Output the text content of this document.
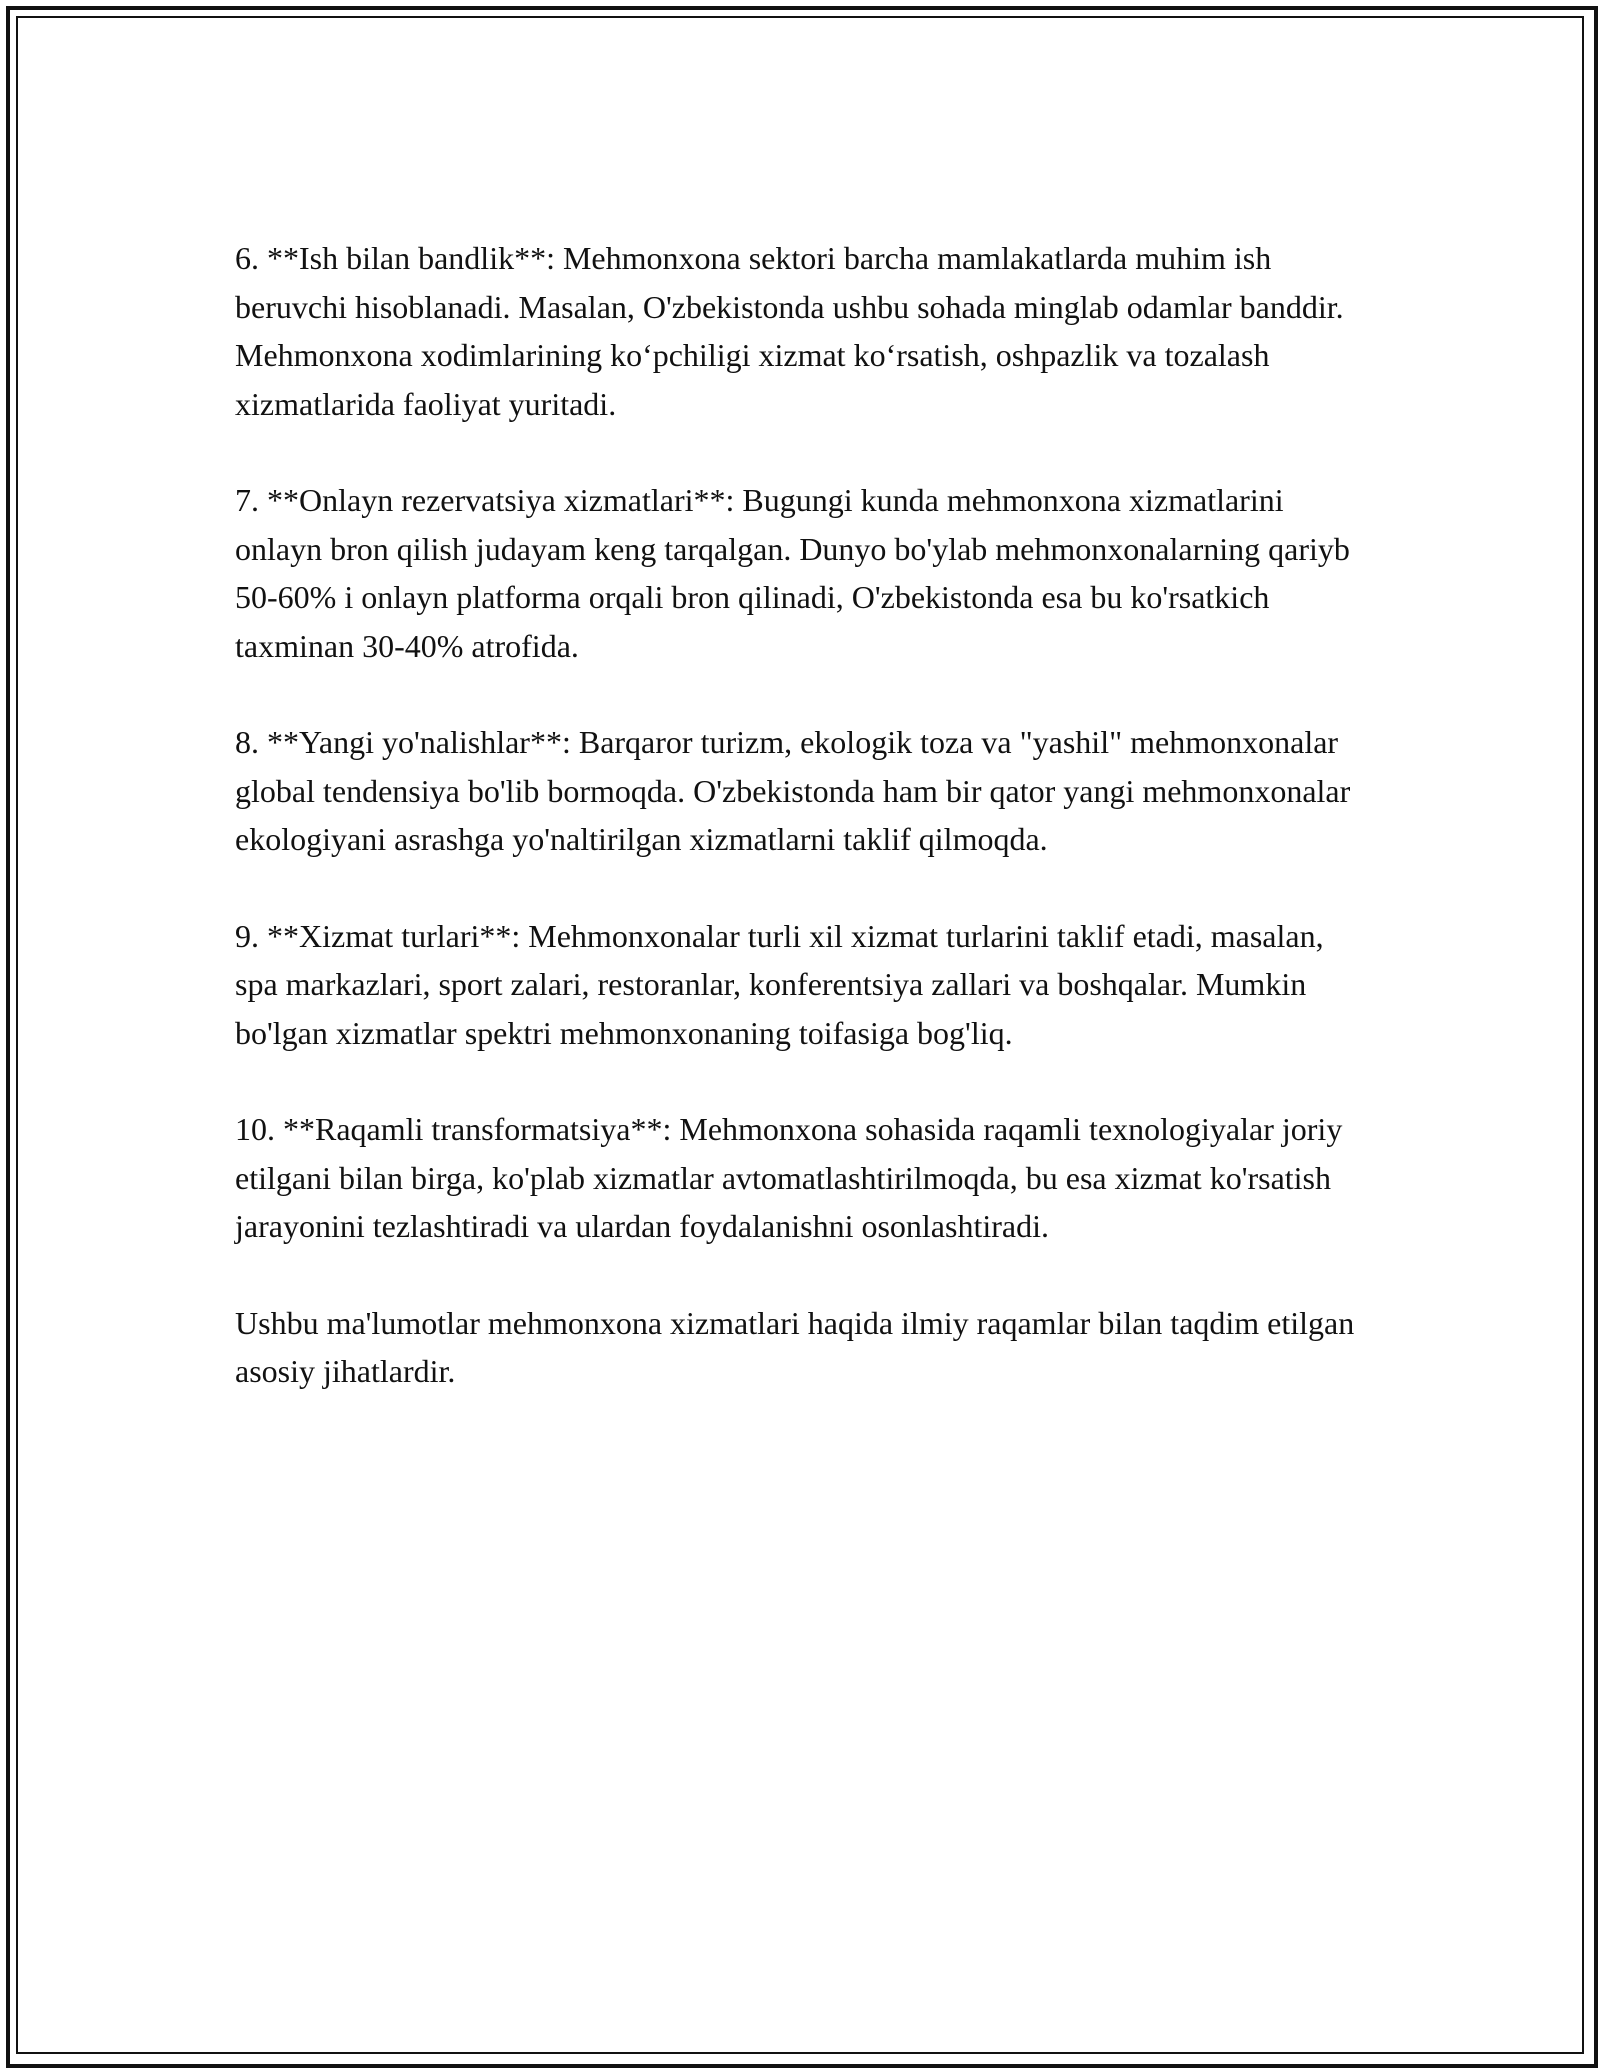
6. **Ish bilan bandlik**: Mehmonxona sektori barcha mamlakatlarda muhim ish beruvchi hisoblanadi. Masalan, O'zbekistonda ushbu sohada minglab odamlar banddir. Mehmonxona xodimlarining ko‘pchiligi xizmat ko‘rsatish, oshpazlik va tozalash xizmatlarida faoliyat yuritadi.

7. **Onlayn rezervatsiya xizmatlari**: Bugungi kunda mehmonxona xizmatlarini onlayn bron qilish judayam keng tarqalgan. Dunyo bo'ylab mehmonxonalarning qariyb 50-60% i onlayn platforma orqali bron qilinadi, O'zbekistonda esa bu ko'rsatkich taxminan 30-40% atrofida.

8. **Yangi yo'nalishlar**: Barqaror turizm, ekologik toza va "yashil" mehmonxonalar global tendensiya bo'lib bormoqda. O'zbekistonda ham bir qator yangi mehmonxonalar ekologiyani asrashga yo'naltirilgan xizmatlarni taklif qilmoqda.

9. **Xizmat turlari**: Mehmonxonalar turli xil xizmat turlarini taklif etadi, masalan, spa markazlari, sport zalari, restoranlar, konferentsiya zallari va boshqalar. Mumkin bo'lgan xizmatlar spektri mehmonxonaning toifasiga bog'liq.

10. **Raqamli transformatsiya**: Mehmonxona sohasida raqamli texnologiyalar joriy etilgani bilan birga, ko'plab xizmatlar avtomatlashtirilmoqda, bu esa xizmat ko'rsatish jarayonini tezlashtiradi va ulardan foydalanishni osonlashtiradi.

Ushbu ma'lumotlar mehmonxona xizmatlari haqida ilmiy raqamlar bilan taqdim etilgan asosiy jihatlardir.
